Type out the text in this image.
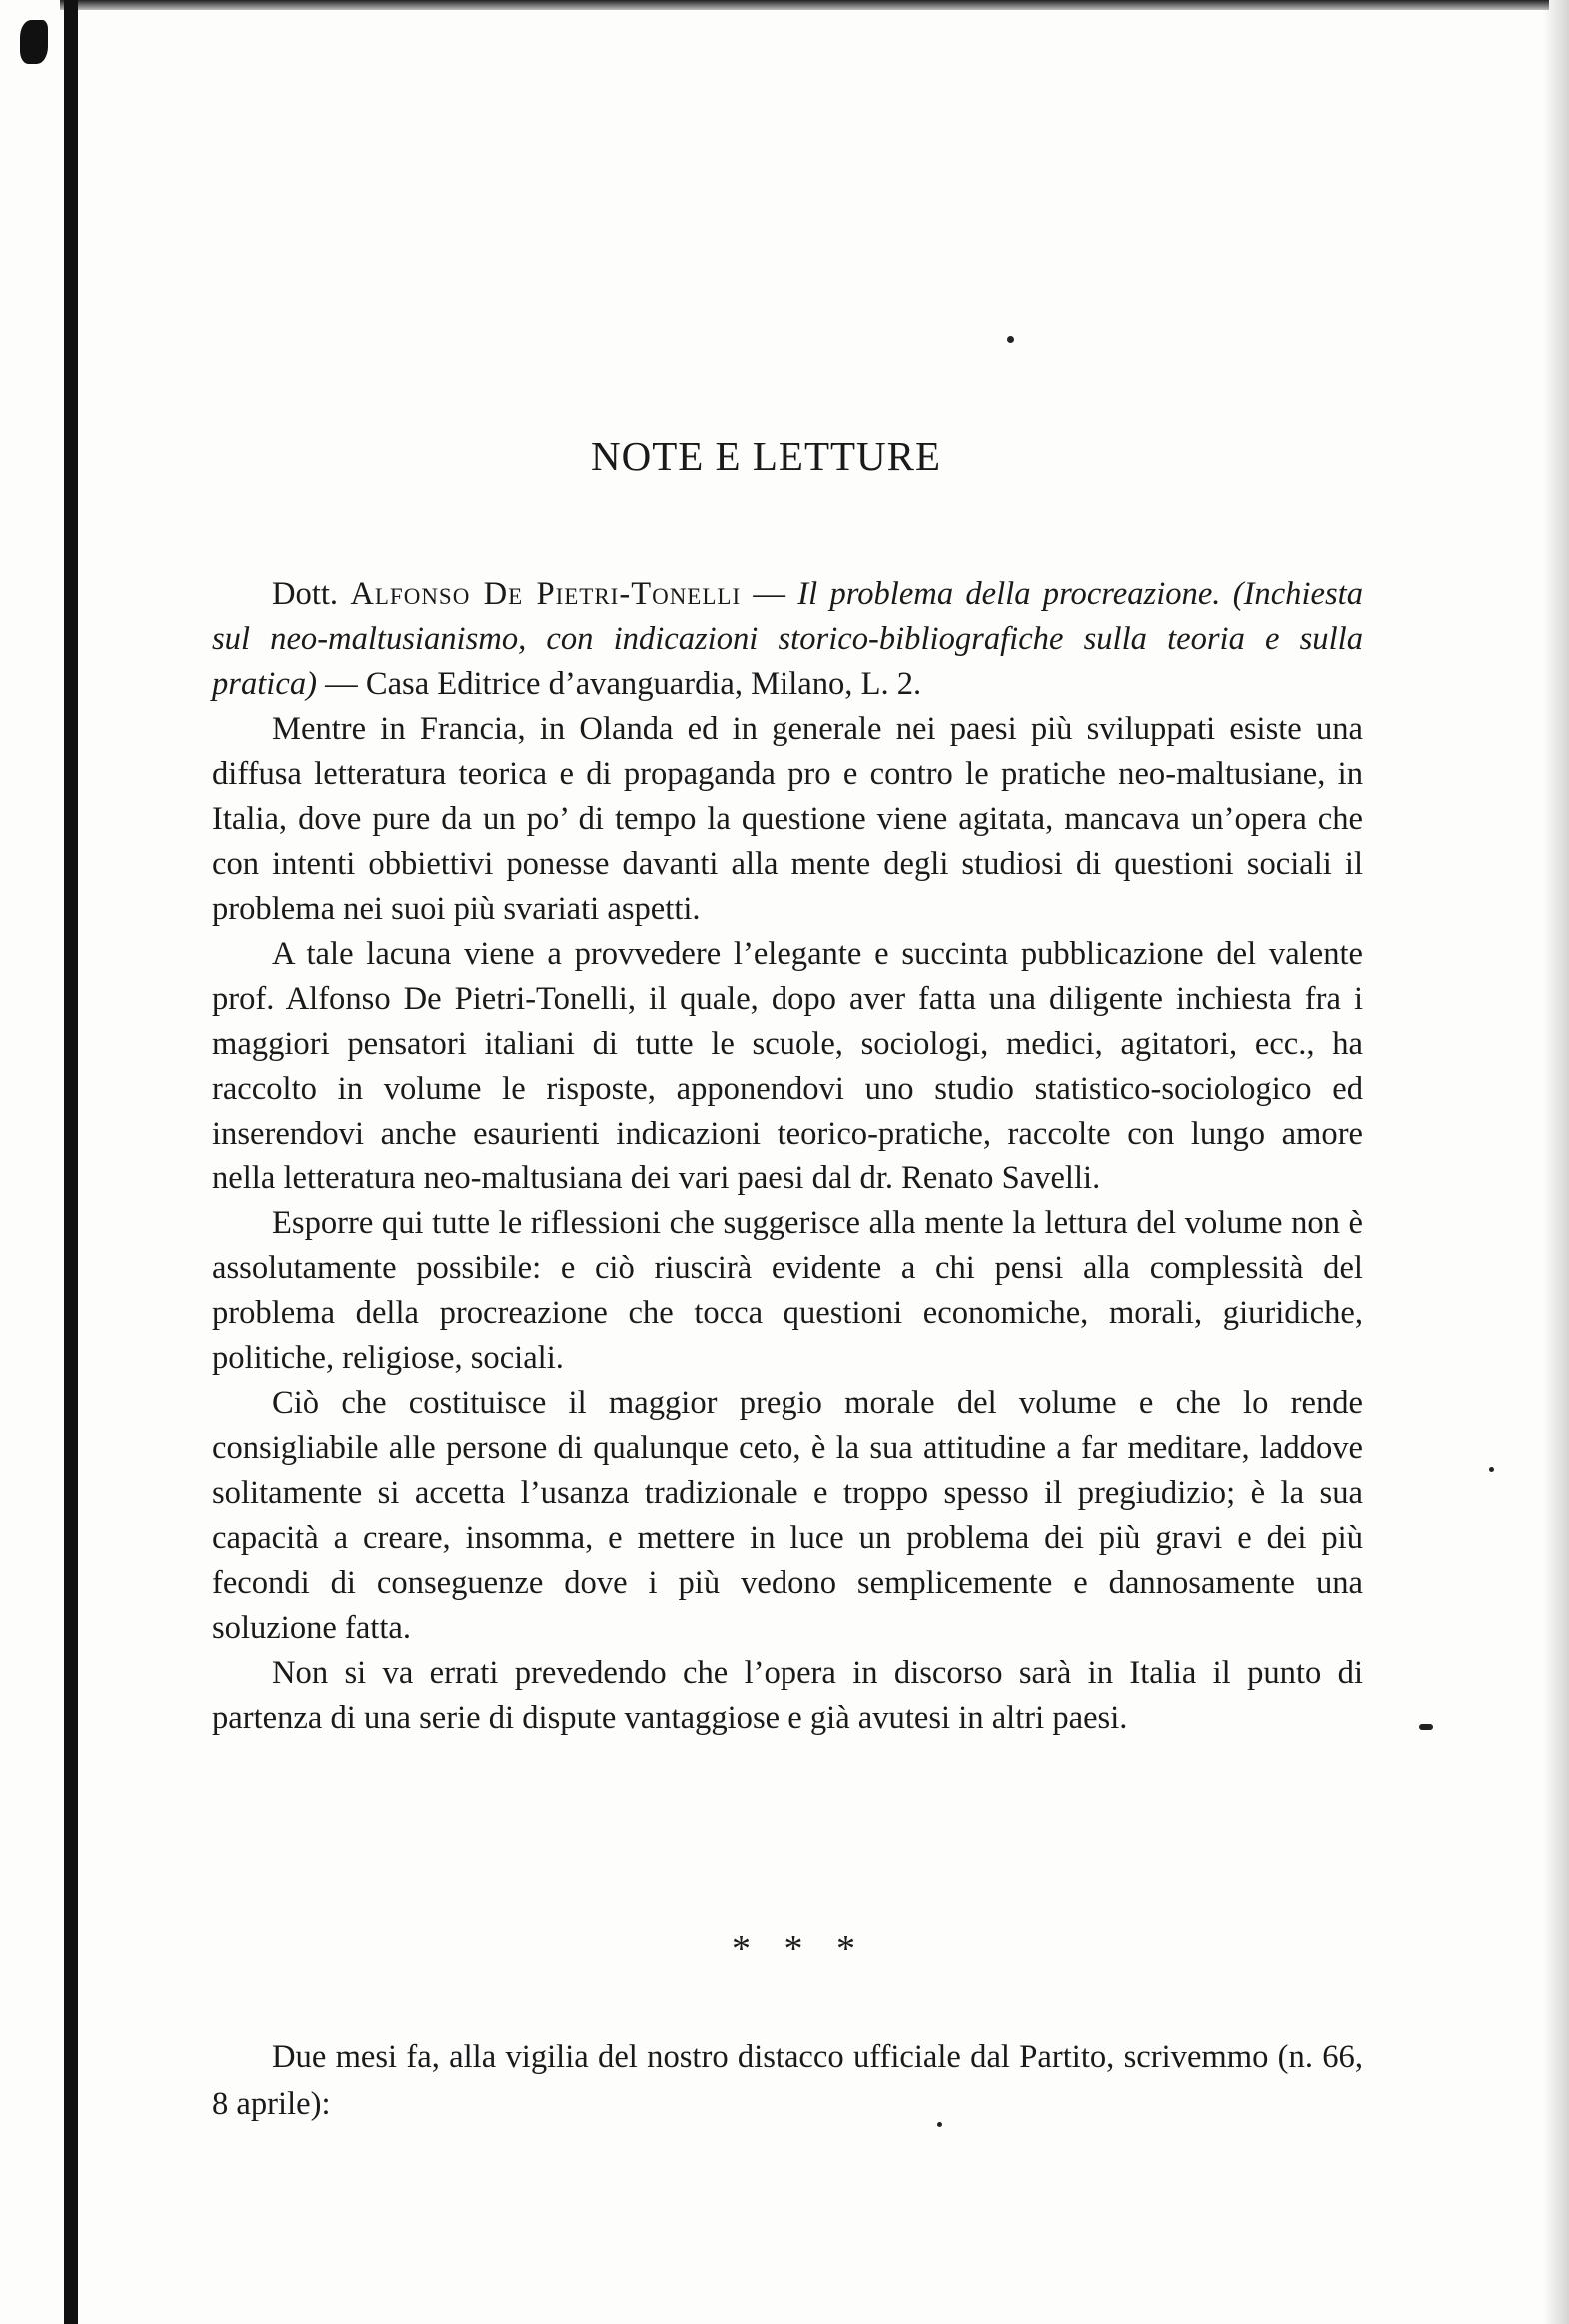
NOTE E LETTURE

Dott. Alfonso De Pietri-Tonelli — Il problema della procreazione. (Inchiesta sul neo-maltusianismo, con indicazioni storico-bibliografiche sulla teoria e sulla pratica) — Casa Editrice d’avanguardia, Milano, L. 2.

Mentre in Francia, in Olanda ed in generale nei paesi più sviluppati esiste una diffusa letteratura teorica e di propaganda pro e contro le pratiche neo-maltusiane, in Italia, dove pure da un po’ di tempo la questione viene agitata, mancava un’opera che con intenti obbiettivi ponesse davanti alla mente degli studiosi di questioni sociali il problema nei suoi più svariati aspetti.

A tale lacuna viene a provvedere l’elegante e succinta pubblicazione del valente prof. Alfonso De Pietri-Tonelli, il quale, dopo aver fatta una diligente inchiesta fra i maggiori pensatori italiani di tutte le scuole, sociologi, medici, agitatori, ecc., ha raccolto in volume le risposte, apponendovi uno studio statistico-sociologico ed inserendovi anche esaurienti indicazioni teorico-pratiche, raccolte con lungo amore nella letteratura neo-maltusiana dei vari paesi dal dr. Renato Savelli.

Esporre qui tutte le riflessioni che suggerisce alla mente la lettura del volume non è assolutamente possibile: e ciò riuscirà evidente a chi pensi alla complessità del problema della procreazione che tocca questioni economiche, morali, giuridiche, politiche, religiose, sociali.

Ciò che costituisce il maggior pregio morale del volume e che lo rende consigliabile alle persone di qualunque ceto, è la sua attitudine a far meditare, laddove solitamente si accetta l’usanza tradizionale e troppo spesso il pregiudizio; è la sua capacità a creare, insomma, e mettere in luce un problema dei più gravi e dei più fecondi di conseguenze dove i più vedono semplicemente e dannosamente una soluzione fatta.

Non si va errati prevedendo che l’opera in discorso sarà in Italia il punto di partenza di una serie di dispute vantaggiose e già avutesi in altri paesi.

* * *

Due mesi fa, alla vigilia del nostro distacco ufficiale dal Partito, scrivemmo (n. 66, 8 aprile):
